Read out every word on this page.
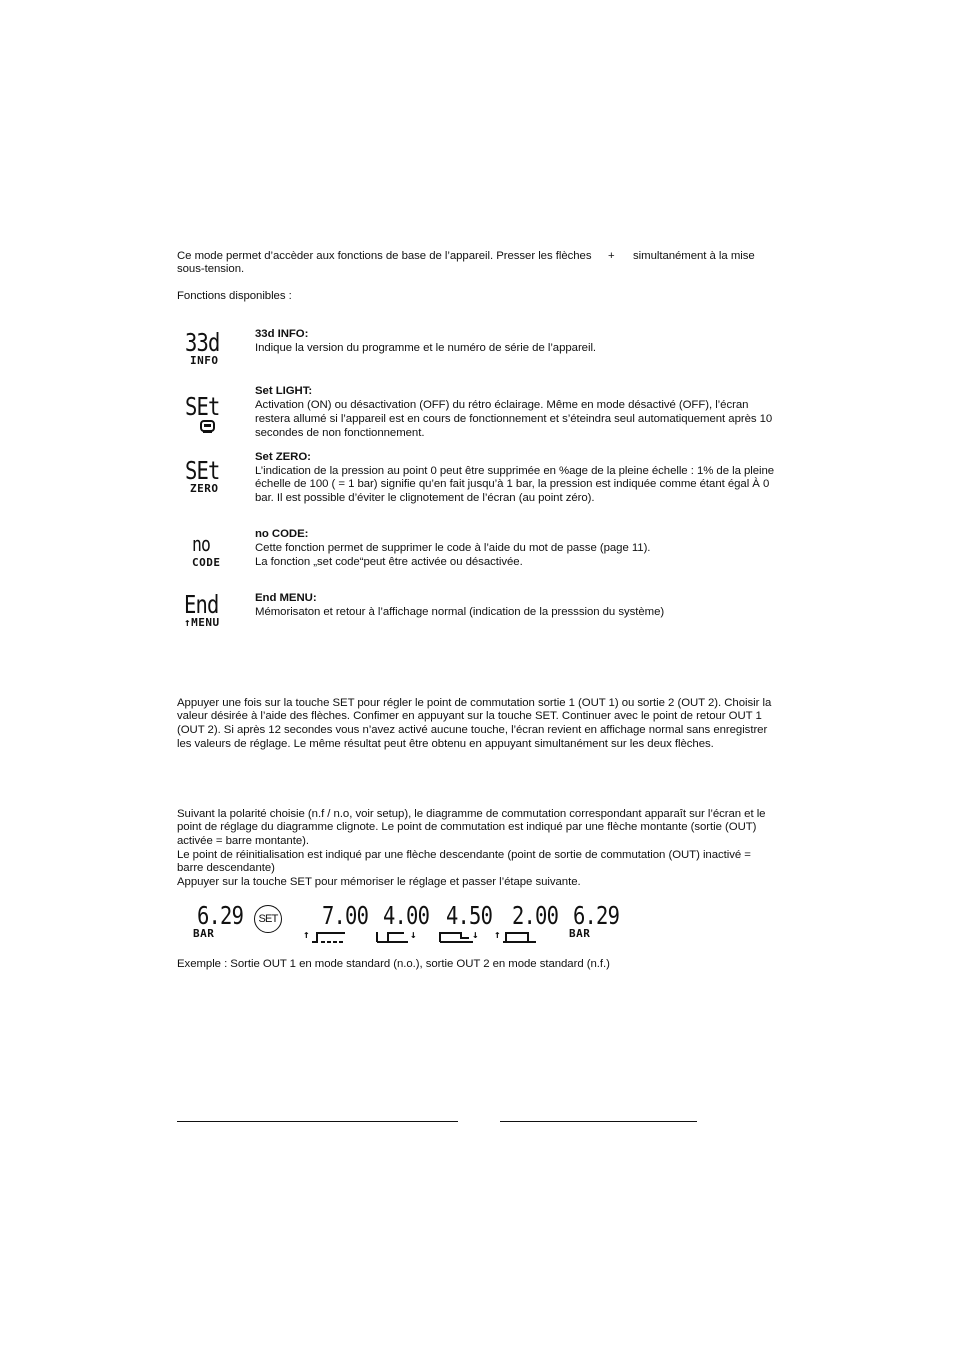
Ce mode permet d’accèder aux fonctions de base de l’appareil. Presser les flèches + simultanément à la mise
sous-tension.
Fonctions disponibles :
33d
INFO
33d INFO:
Indique la version du programme et le numéro de série de l’appareil.
SEt
Set LIGHT:
Activation (ON) ou désactivation (OFF) du rétro éclairage. Même en mode désactivé (OFF), l’écran
restera allumé si l’appareil est en cours de fonctionnement et s’éteindra seul automatiquement après 10
secondes de non fonctionnement.
SEt
ZERO
Set ZERO:
L’indication de la pression au point 0 peut être supprimée en %age de la pleine échelle : 1% de la pleine
échelle de 100 ( = 1 bar) signifie qu’en fait jusqu’à 1 bar, la pression est indiquée comme étant égal À 0
bar. Il est possible d’éviter le clignotement de l’écran (au point zéro).
no
CODE
no CODE:
Cette fonction permet de supprimer le code à l’aide du mot de passe (page 11).
La fonction „set code“peut être activée ou désactivée.
End
↑MENU
End MENU:
Mémorisaton et retour à l’affichage normal (indication de la presssion du système)
Appuyer une fois sur la touche SET pour régler le point de commutation sortie 1 (OUT 1) ou sortie 2 (OUT 2). Choisir la
valeur désirée à l’aide des flèches. Confimer en appuyant sur la touche SET. Continuer avec le point de retour OUT 1
(OUT 2). Si après 12 secondes vous n’avez activé aucune touche, l’écran revient en affichage normal sans enregistrer
les valeurs de réglage. Le même résultat peut être obtenu en appuyant simultanément sur les deux flèches.
Suivant la polarité choisie (n.f / n.o, voir setup), le diagramme de commutation correspondant apparaît sur l’écran et le
point de réglage du diagramme clignote. Le point de commutation est indiqué par une flèche montante (sortie (OUT)
activée = barre montante).
Le point de réinitialisation est indiqué par une flèche descendante (point de sortie de commutation (OUT) inactivé =
barre descendante)
Appuyer sur la touche SET pour mémoriser le réglage et passer l’étape suivante.
6.29
BAR
SET 7.00
↑
4.00
↓
4.50
↓
2.00
↑
6.29
BAR
Exemple : Sortie OUT 1 en mode standard (n.o.), sortie OUT 2 en mode standard (n.f.)
